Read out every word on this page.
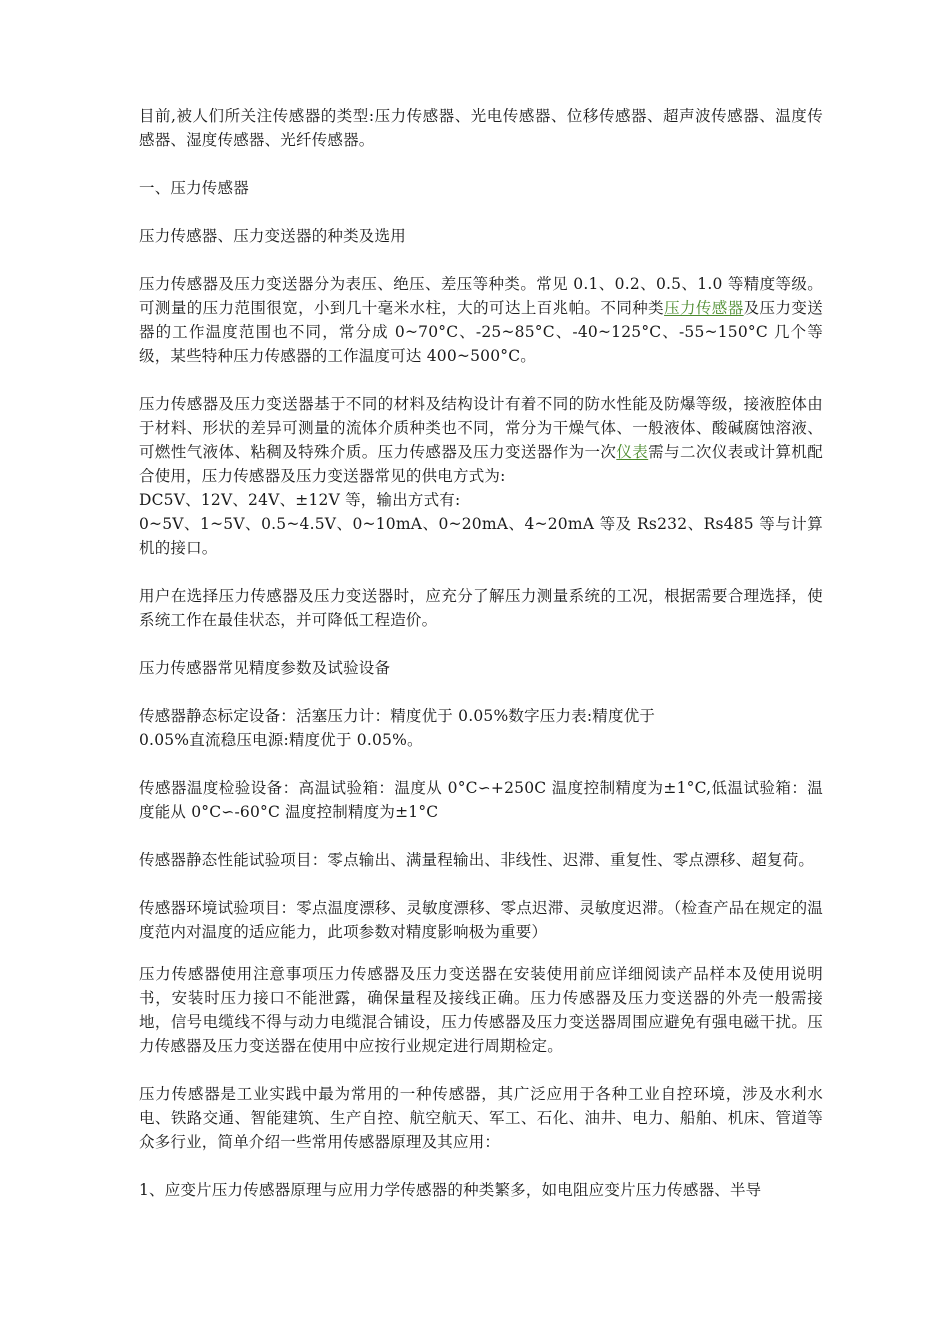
目前,被人们所关注传感器的类型:压力传感器、光电传感器、位移传感器、超声波传感器、温度传感器、湿度传感器、光纤传感器。

一、压力传感器

压力传感器、压力变送器的种类及选用

压力传感器及压力变送器分为表压、绝压、差压等种类。常见 0.1、0.2、0.5、1.0 等精度等级。可测量的压力范围很宽，小到几十毫米水柱，大的可达上百兆帕。不同种类压力传感器及压力变送器的工作温度范围也不同，常分成 0~70°C、-25~85°C、-40~125°C、-55~150°C 几个等级，某些特种压力传感器的工作温度可达 400~500°C。

压力传感器及压力变送器基于不同的材料及结构设计有着不同的防水性能及防爆等级，接液腔体由于材料、形状的差异可测量的流体介质种类也不同，常分为干燥气体、一般液体、酸碱腐蚀溶液、可燃性气液体、粘稠及特殊介质。压力传感器及压力变送器作为一次仪表需与二次仪表或计算机配合使用，压力传感器及压力变送器常见的供电方式为:
DC5V、12V、24V、±12V 等，输出方式有:
0~5V、1~5V、0.5~4.5V、0~10mA、0~20mA、4~20mA 等及 Rs232、Rs485 等与计算机的接口。

用户在选择压力传感器及压力变送器时，应充分了解压力测量系统的工况，根据需要合理选择，使系统工作在最佳状态，并可降低工程造价。

压力传感器常见精度参数及试验设备

传感器静态标定设备：活塞压力计：精度优于 0.05%数字压力表:精度优于
0.05%直流稳压电源:精度优于 0.05%。

传感器温度检验设备：高温试验箱：温度从 0°C∽+250C 温度控制精度为±1°C,低温试验箱：温度能从 0°C∽-60°C 温度控制精度为±1°C

传感器静态性能试验项目：零点输出、满量程输出、非线性、迟滞、重复性、零点漂移、超复荷。

传感器环境试验项目：零点温度漂移、灵敏度漂移、零点迟滞、灵敏度迟滞。（检查产品在规定的温度范内对温度的适应能力，此项参数对精度影响极为重要）

压力传感器使用注意事项压力传感器及压力变送器在安装使用前应详细阅读产品样本及使用说明书，安装时压力接口不能泄露，确保量程及接线正确。压力传感器及压力变送器的外壳一般需接地，信号电缆线不得与动力电缆混合铺设，压力传感器及压力变送器周围应避免有强电磁干扰。压力传感器及压力变送器在使用中应按行业规定进行周期检定。

压力传感器是工业实践中最为常用的一种传感器，其广泛应用于各种工业自控环境，涉及水利水电、铁路交通、智能建筑、生产自控、航空航天、军工、石化、油井、电力、船舶、机床、管道等众多行业，简单介绍一些常用传感器原理及其应用：

1、应变片压力传感器原理与应用力学传感器的种类繁多，如电阻应变片压力传感器、半导
